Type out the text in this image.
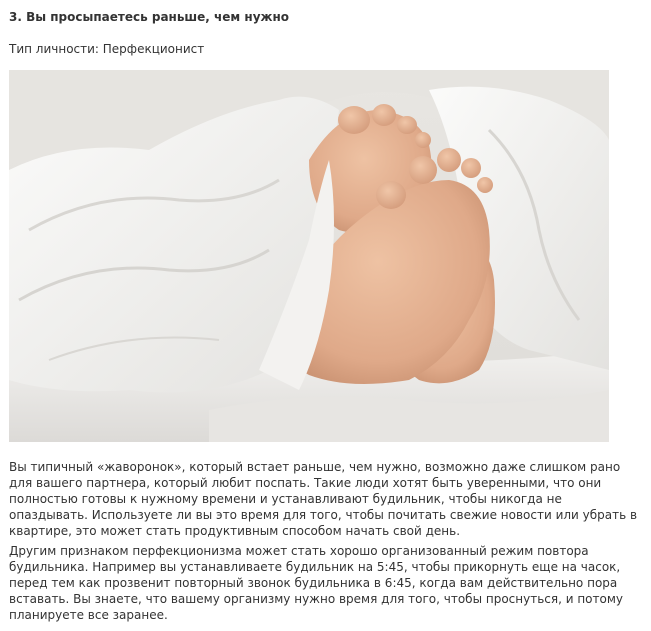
3. Вы просыпаетесь раньше, чем нужно
Тип личности: Перфекционист

Вы типичный «жаворонок», который встает раньше, чем нужно, возможно даже слишком рано для вашего партнера, который любит поспать. Такие люди хотят быть уверенными, что они полностью готовы к нужному времени и устанавливают будильник, чтобы никогда не опаздывать. Используете ли вы это время для того, чтобы почитать свежие новости или убрать в квартире, это может стать продуктивным способом начать свой день.

Другим признаком перфекционизма может стать хорошо организованный режим повтора будильника. Например вы устанавливаете будильник на 5:45, чтобы прикорнуть еще на часок, перед тем как прозвенит повторный звонок будильника в 6:45, когда вам действительно пора вставать. Вы знаете, что вашему организму нужно время для того, чтобы проснуться, и потому планируете все заранее.
